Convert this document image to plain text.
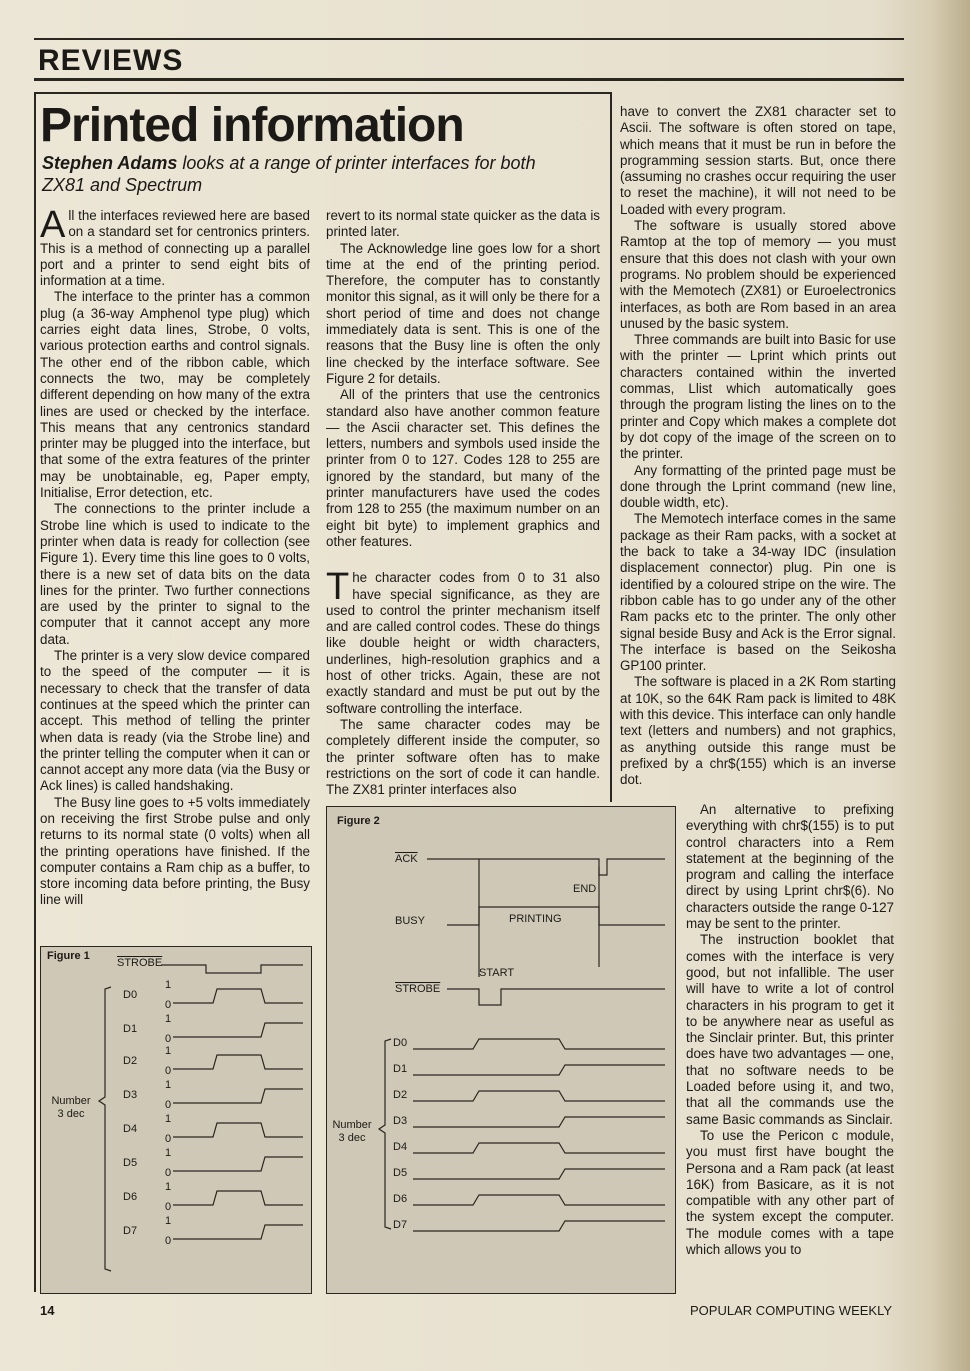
REVIEWS
Printed information
Stephen Adams looks at a range of printer interfaces for both ZX81 and Spectrum

All the interfaces reviewed here are based on a standard set for centronics printers. This is a method of connecting up a parallel port and a printer to send eight bits of information at a time.

The interface to the printer has a common plug (a 36-way Amphenol type plug) which carries eight data lines, Strobe, 0 volts, various protection earths and control signals. The other end of the ribbon cable, which connects the two, may be completely different depending on how many of the extra lines are used or checked by the interface. This means that any centronics standard printer may be plugged into the interface, but that some of the extra features of the printer may be unobtainable, eg, Paper empty, Initialise, Error detection, etc.

The connections to the printer include a Strobe line which is used to indicate to the printer when data is ready for collection (see Figure 1). Every time this line goes to 0 volts, there is a new set of data bits on the data lines for the printer. Two further connections are used by the printer to signal to the computer that it cannot accept any more data.

The printer is a very slow device compared to the speed of the computer — it is necessary to check that the transfer of data continues at the speed which the printer can accept. This method of telling the printer when data is ready (via the Strobe line) and the printer telling the computer when it can or cannot accept any more data (via the Busy or Ack lines) is called handshaking.

The Busy line goes to +5 volts immediately on receiving the first Strobe pulse and only returns to its normal state (0 volts) when all the printing operations have finished. If the computer contains a Ram chip as a buffer, to store incoming data before printing, the Busy line will

revert to its normal state quicker as the data is printed later.

The Acknowledge line goes low for a short time at the end of the printing period. Therefore, the computer has to constantly monitor this signal, as it will only be there for a short period of time and does not change immediately data is sent. This is one of the reasons that the Busy line is often the only line checked by the interface software. See Figure 2 for details.

All of the printers that use the centronics standard also have another common feature — the Ascii character set. This defines the letters, numbers and symbols used inside the printer from 0 to 127. Codes 128 to 255 are ignored by the standard, but many of the printer manufacturers have used the codes from 128 to 255 (the maximum number on an eight bit byte) to implement graphics and other features.

The character codes from 0 to 31 also have special significance, as they are used to control the printer mechanism itself and are called control codes. These do things like double height or width characters, underlines, high-resolution graphics and a host of other tricks. Again, these are not exactly standard and must be put out by the software controlling the interface.

The same character codes may be completely different inside the computer, so the printer software often has to make restrictions on the sort of code it can handle. The ZX81 printer interfaces also

have to convert the ZX81 character set to Ascii. The software is often stored on tape, which means that it must be run in before the programming session starts. But, once there (assuming no crashes occur requiring the user to reset the machine), it will not need to be Loaded with every program.

The software is usually stored above Ramtop at the top of memory — you must ensure that this does not clash with your own programs. No problem should be experienced with the Memotech (ZX81) or Euroelectronics interfaces, as both are Rom based in an area unused by the basic system.

Three commands are built into Basic for use with the printer — Lprint which prints out characters contained within the inverted commas, Llist which automatically goes through the program listing the lines on to the printer and Copy which makes a complete dot by dot copy of the image of the screen on to the printer.

Any formatting of the printed page must be done through the Lprint command (new line, double width, etc).

The Memotech interface comes in the same package as their Ram packs, with a socket at the back to take a 34-way IDC (insulation displacement connector) plug. Pin one is identified by a coloured stripe on the wire. The ribbon cable has to go under any of the other Ram packs etc to the printer. The only other signal beside Busy and Ack is the Error signal. The interface is based on the Seikosha GP100 printer.

The software is placed in a 2K Rom starting at 10K, so the 64K Ram pack is limited to 48K with this device. This interface can only handle text (letters and numbers) and not graphics, as anything outside this range must be prefixed by a chr$(155) which is an inverse dot.

An alternative to prefixing everything with chr$(155) is to put control characters into a Rem statement at the beginning of the program and calling the interface direct by using Lprint chr$(6). No characters outside the range 0-127 may be sent to the printer.

The instruction booklet that comes with the interface is very good, but not infallible. The user will have to write a lot of control characters in his program to get it to be anywhere near as useful as the Sinclair printer. But, this printer does have two advantages — one, that no software needs to be Loaded before using it, and two, that all the commands use the same Basic commands as Sinclair.

To use the Pericon c module, you must first have bought the Persona and a Ram pack (at least 16K) from Basicare, as it is not compatible with any other part of the system except the computer. The module comes with a tape which allows you to

Figure 1
STROBE
Number 3 dec
D0
1
0
D1
1
0
D2
1
0
D3
1
0
D4
1
0
D5
1
0
D6
1
0
D7
1
0
Figure 2
$\overline{ACK}$
END
BUSY	PRINTING
START
STROBE
Number 3 dec
D0
D1
D2
D3
D4
D5
D6
D7
14	POPULAR COMPUTING WEEKLY
